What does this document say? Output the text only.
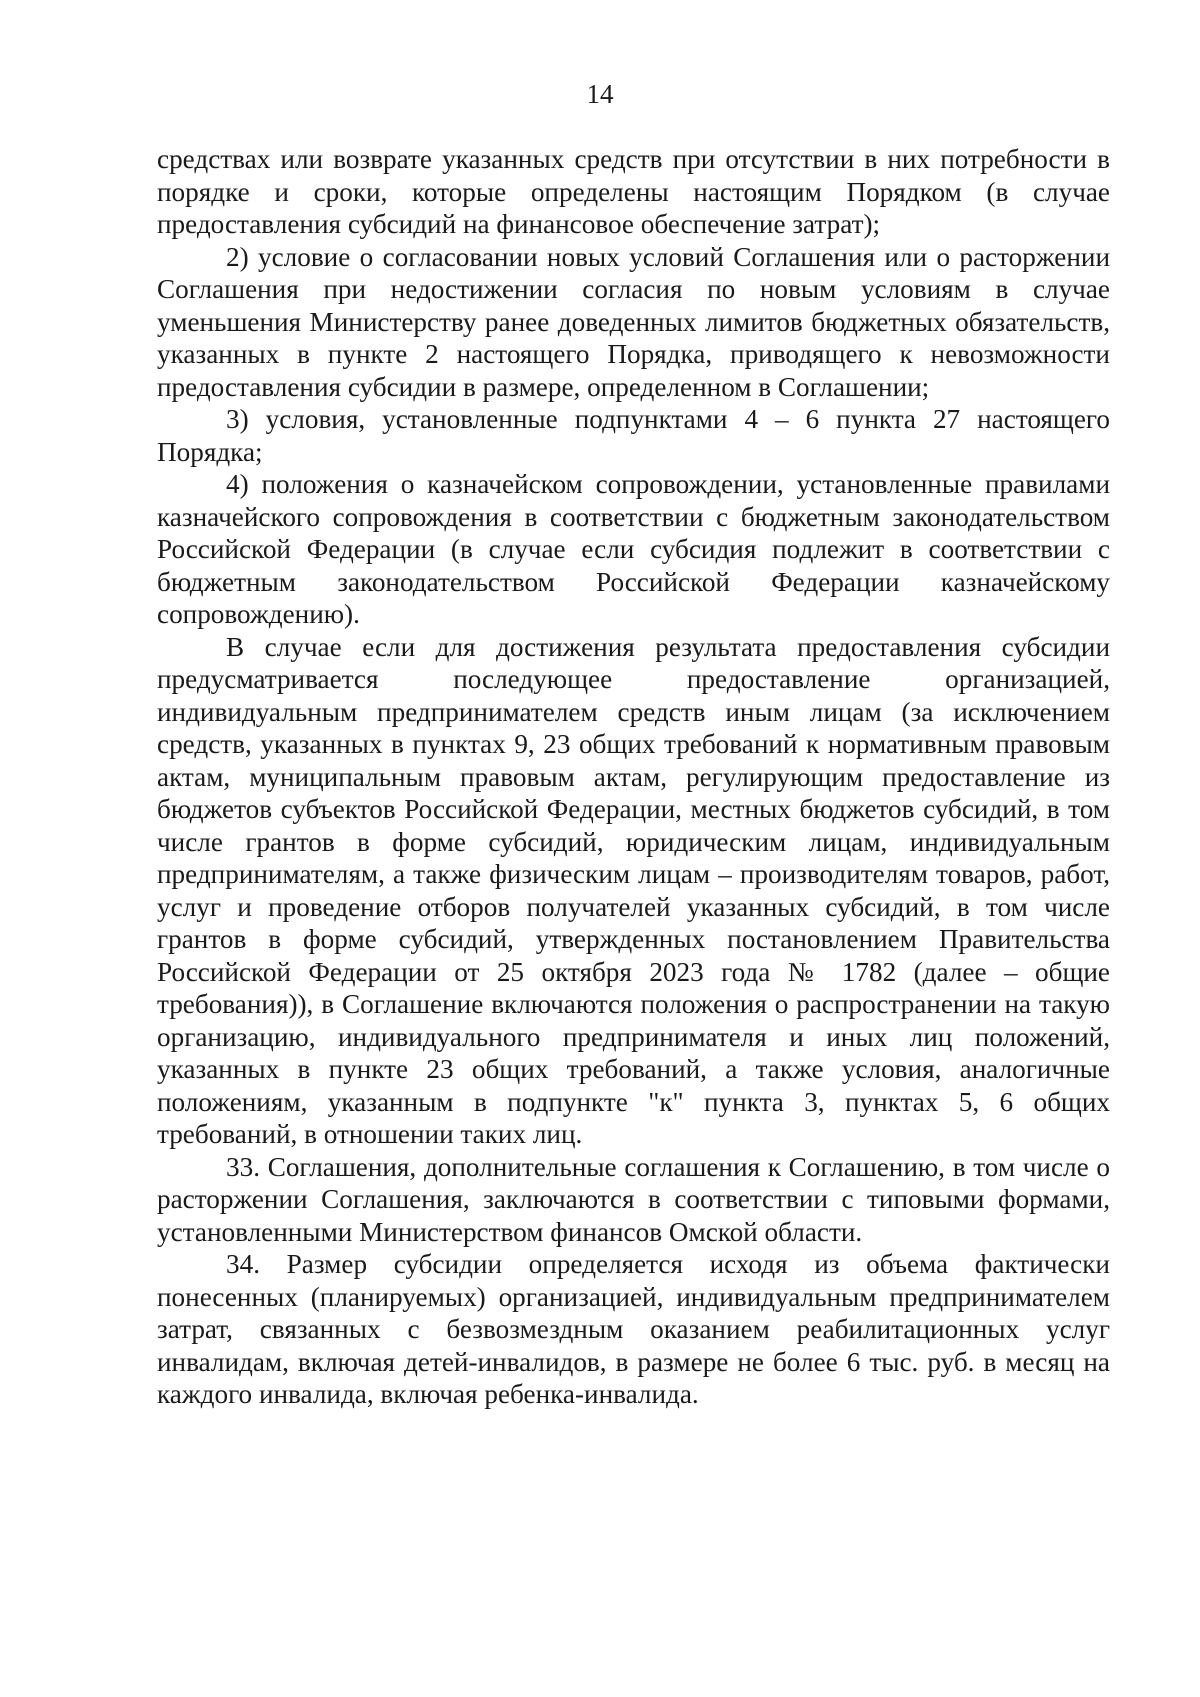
14

средствах или возврате указанных средств при отсутствии в них потребности в порядке и сроки, которые определены настоящим Порядком (в случае предоставления субсидий на финансовое обеспечение затрат);

2) условие о согласовании новых условий Соглашения или о расторжении Соглашения при недостижении согласия по новым условиям в случае уменьшения Министерству ранее доведенных лимитов бюджетных обязательств, указанных в пункте 2 настоящего Порядка, приводящего к невозможности предоставления субсидии в размере, определенном в Соглашении;

3) условия, установленные подпунктами 4 – 6 пункта 27 настоящего Порядка;

4) положения о казначейском сопровождении, установленные правилами казначейского сопровождения в соответствии с бюджетным законодательством Российской Федерации (в случае если субсидия подлежит в соответствии с бюджетным законодательством Российской Федерации казначейскому сопровождению).

В случае если для достижения результата предоставления субсидии предусматривается последующее предоставление организацией, индивидуальным предпринимателем средств иным лицам (за исключением средств, указанных в пунктах 9, 23 общих требований к нормативным правовым актам, муниципальным правовым актам, регулирующим предоставление из бюджетов субъектов Российской Федерации, местных бюджетов субсидий, в том числе грантов в форме субсидий, юридическим лицам, индивидуальным предпринимателям, а также физическим лицам – производителям товаров, работ, услуг и проведение отборов получателей указанных субсидий, в том числе грантов в форме субсидий, утвержденных постановлением Правительства Российской Федерации от 25 октября 2023 года № 1782 (далее – общие требования)), в Соглашение включаются положения о распространении на такую организацию, индивидуального предпринимателя и иных лиц положений, указанных в пункте 23 общих требований, а также условия, аналогичные положениям, указанным в подпункте "к" пункта 3, пунктах 5, 6 общих требований, в отношении таких лиц.

33. Соглашения, дополнительные соглашения к Соглашению, в том числе о расторжении Соглашения, заключаются в соответствии с типовыми формами, установленными Министерством финансов Омской области.

34. Размер субсидии определяется исходя из объема фактически понесенных (планируемых) организацией, индивидуальным предпринимателем затрат, связанных с безвозмездным оказанием реабилитационных услуг инвалидам, включая детей-инвалидов, в размере не более 6 тыс. руб. в месяц на каждого инвалида, включая ребенка-инвалида.
